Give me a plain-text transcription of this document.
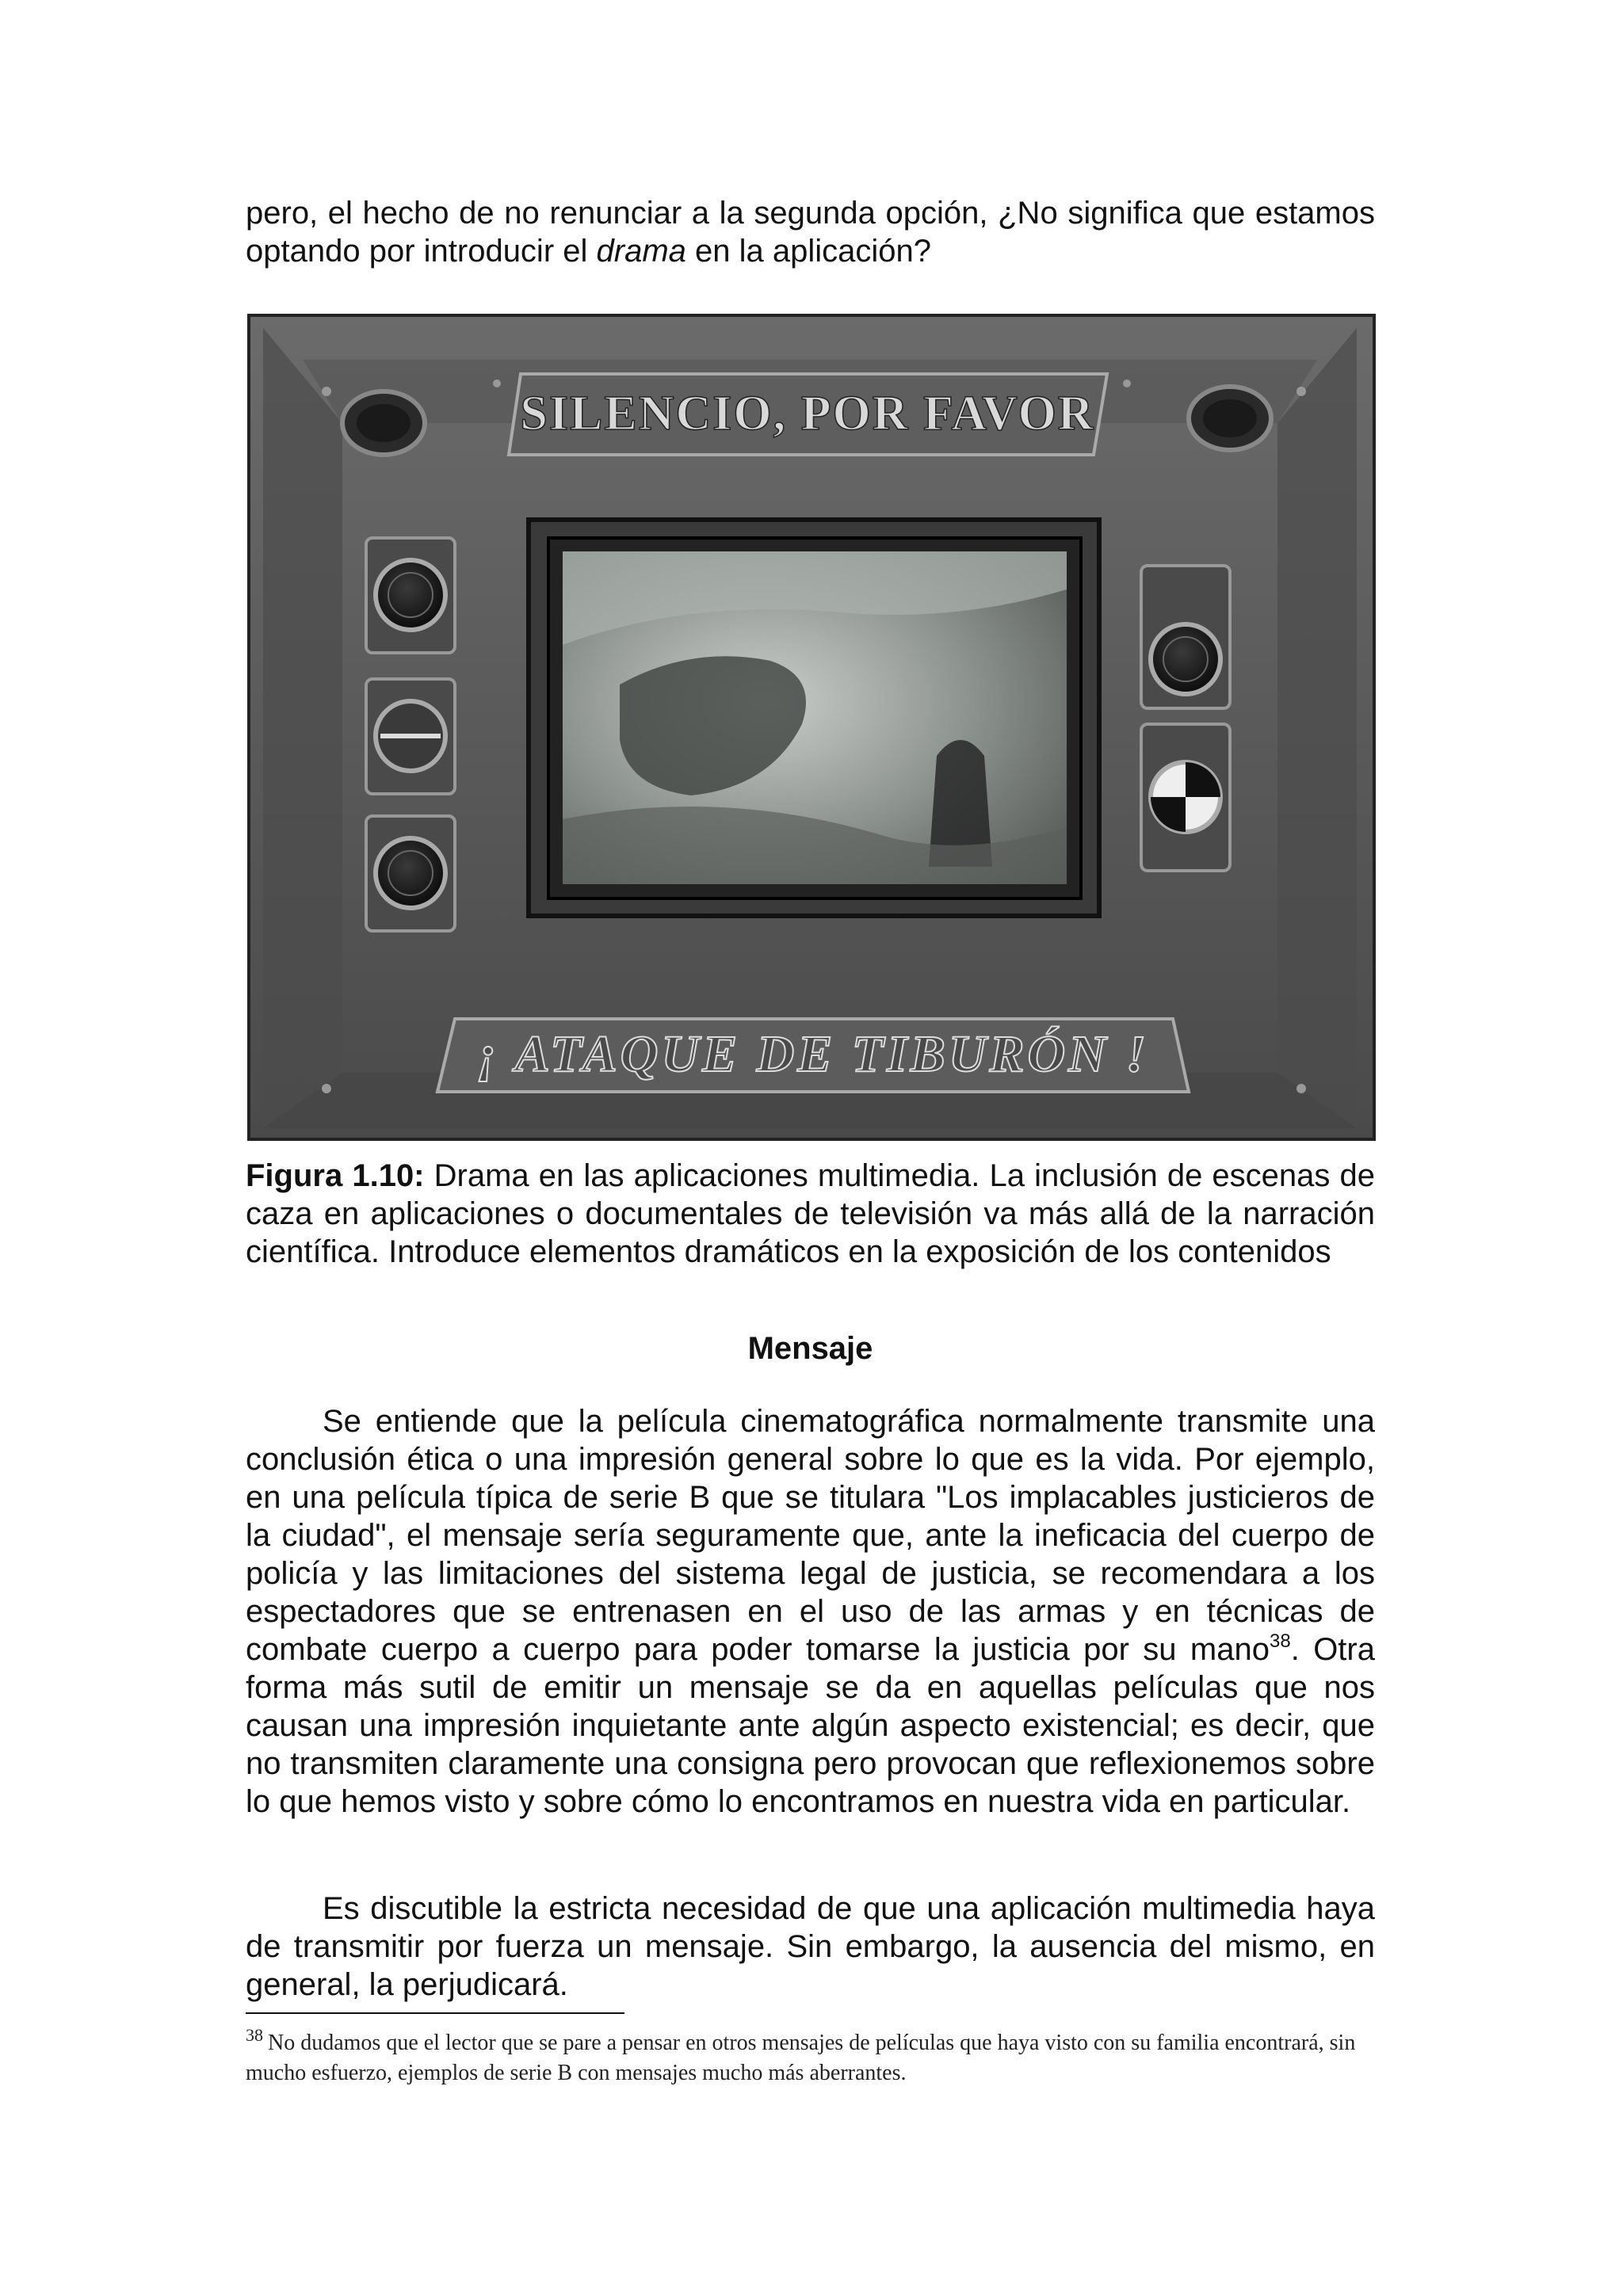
pero, el hecho de no renunciar a la segunda opción, ¿No significa que estamos optando por introducir el drama en la aplicación?

SILENCIO, POR FAVOR
¡ ATAQUE DE TIBURÓN !

Figura 1.10: Drama en las aplicaciones multimedia. La inclusión de escenas de caza en aplicaciones o documentales de televisión va más allá de la narración científica. Introduce elementos dramáticos en la exposición de los contenidos

Mensaje

Se entiende que la película cinematográfica normalmente transmite una conclusión ética o una impresión general sobre lo que es la vida. Por ejemplo, en una película típica de serie B que se titulara "Los implacables justicieros de la ciudad", el mensaje sería seguramente que, ante la ineficacia del cuerpo de policía y las limitaciones del sistema legal de justicia, se recomendara a los espectadores que se entrenasen en el uso de las armas y en técnicas de combate cuerpo a cuerpo para poder tomarse la justicia por su mano$^{38}$. Otra forma más sutil de emitir un mensaje se da en aquellas películas que nos causan una impresión inquietante ante algún aspecto existencial; es decir, que no transmiten claramente una consigna pero provocan que reflexionemos sobre lo que hemos visto y sobre cómo lo encontramos en nuestra vida en particular.

Es discutible la estricta necesidad de que una aplicación multimedia haya de transmitir por fuerza un mensaje. Sin embargo, la ausencia del mismo, en general, la perjudicará.

$^{38}$ No dudamos que el lector que se pare a pensar en otros mensajes de películas que haya visto con su familia encontrará, sin mucho esfuerzo, ejemplos de serie B con mensajes mucho más aberrantes.
